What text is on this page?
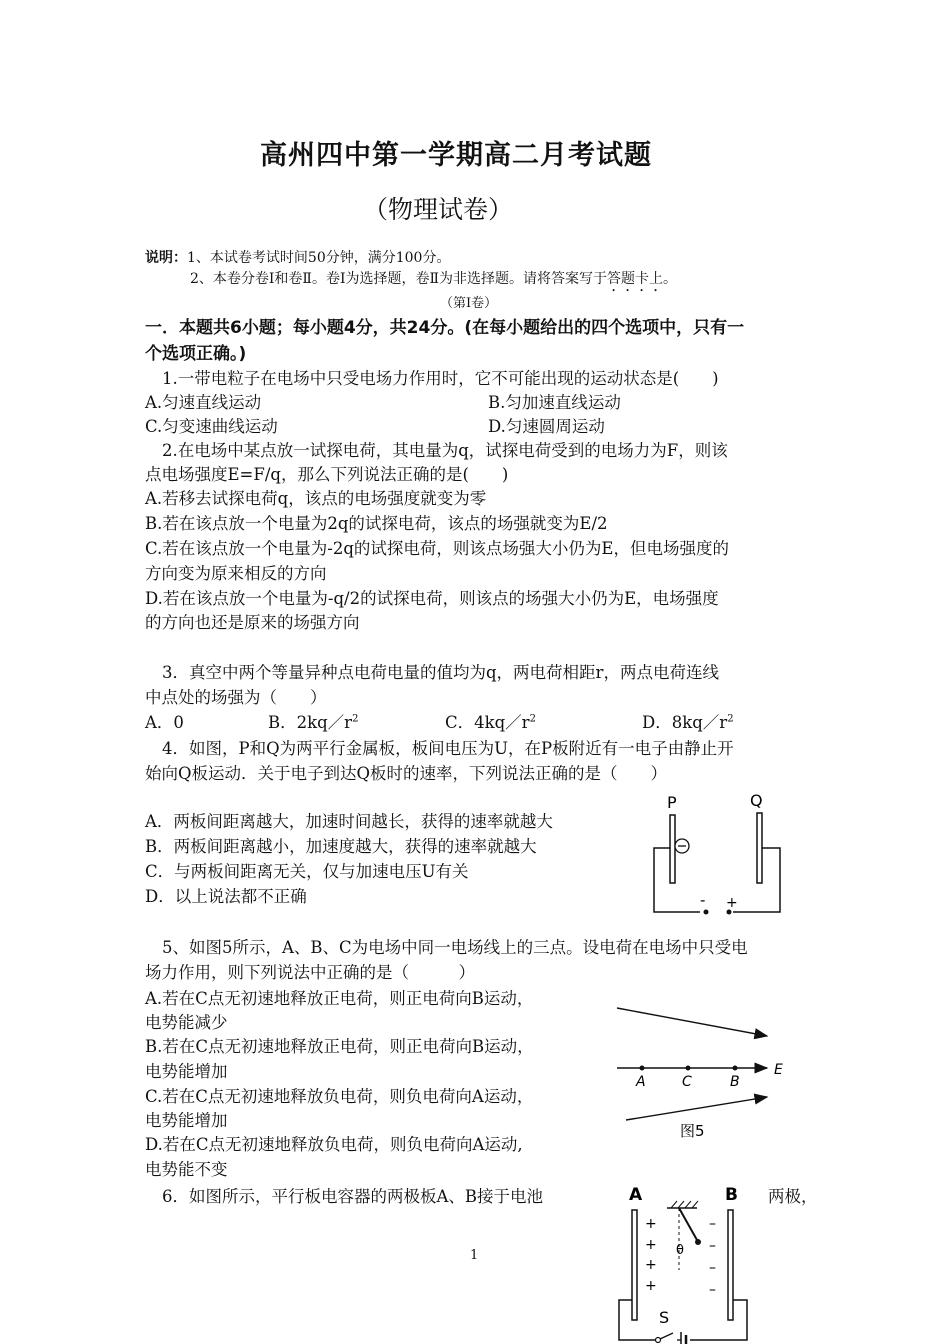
高州四中第一学期高二月考试题
（物理试卷）
说明：1、本试卷考试时间50分钟，满分100分。
2、本卷分卷Ⅰ和卷Ⅱ。卷Ⅰ为选择题，卷Ⅱ为非选择题。请将答案写于答题卡上。
（第Ⅰ卷）
一．本题共6小题；每小题4分，共24分。(在每小题给出的四个选项中，只有一
个选项正确。)
1.一带电粒子在电场中只受电场力作用时，它不可能出现的运动状态是(　　)
A.匀速直线运动	B.匀加速直线运动
C.匀变速曲线运动	D.匀速圆周运动
2.在电场中某点放一试探电荷，其电量为q，试探电荷受到的电场力为F，则该
点电场强度E=F/q，那么下列说法正确的是(　　)
A.若移去试探电荷q，该点的电场强度就变为零
B.若在该点放一个电量为2q的试探电荷，该点的场强就变为E/2
C.若在该点放一个电量为-2q的试探电荷，则该点场强大小仍为E，但电场强度的
方向变为原来相反的方向
D.若在该点放一个电量为-q/2的试探电荷，则该点的场强大小仍为E，电场强度
的方向也还是原来的场强方向
3．真空中两个等量异种点电荷电量的值均为q，两电荷相距r，两点电荷连线
中点处的场强为（　　）
A．0	B．$2kq/r^2$	C．$4kq/r^2$	D．$8kq/r^2$
4．如图，P和Q为两平行金属板，板间电压为U，在P板附近有一电子由静止开
始向Q板运动．关于电子到达Q板时的速率，下列说法正确的是（　　）
A．两板间距离越大，加速时间越长，获得的速率就越大
B．两板间距离越小，加速度越大，获得的速率就越大
C．与两板间距离无关，仅与加速电压U有关
D．以上说法都不正确
P	Q
- +
5、如图5所示，A、B、C为电场中同一电场线上的三点。设电荷在电场中只受电
场力作用，则下列说法中正确的是（　　　）
A.若在C点无初速地释放正电荷，则正电荷向B运动，
电势能减少
B.若在C点无初速地释放正电荷，则正电荷向B运动，
电势能增加
C.若在C点无初速地释放负电荷，则负电荷向A运动，
电势能增加
D.若在C点无初速地释放负电荷，则负电荷向A运动,
电势能不变
A	C	B
E
图5
6．如图所示，平行板电容器的两极板A、B接于电池	两极，
A	B
θ
+
+
+
+
–
–
–
–
S
1
